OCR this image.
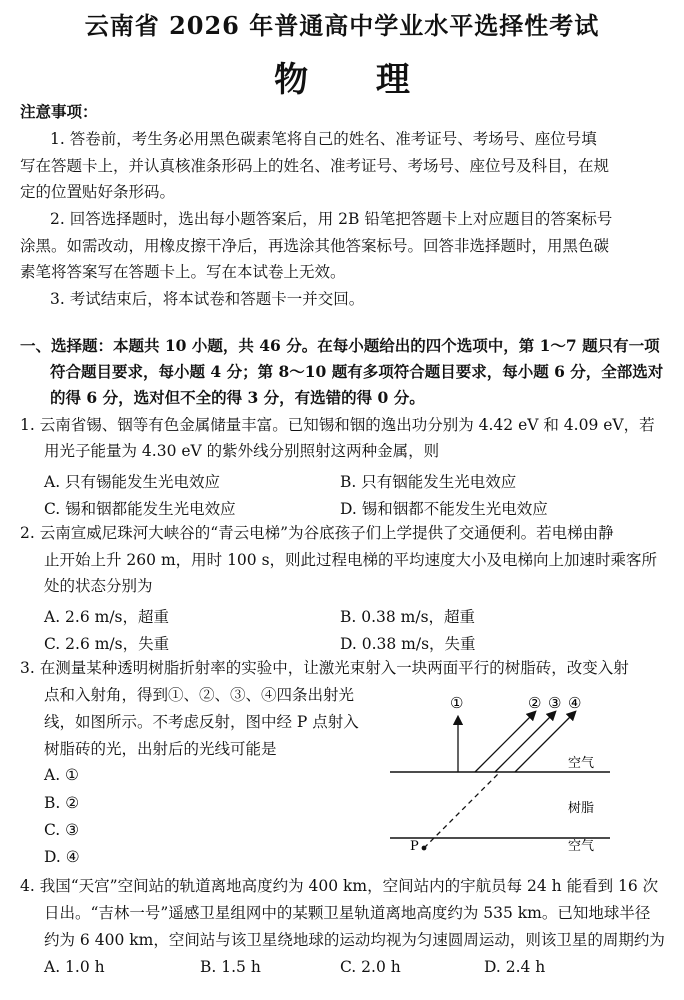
云南省 2026 年普通高中学业水平选择性考试
物 理
注意事项：
1. 答卷前，考生务必用黑色碳素笔将自己的姓名、准考证号、考场号、座位号填
写在答题卡上，并认真核准条形码上的姓名、准考证号、考场号、座位号及科目，在规
定的位置贴好条形码。
2. 回答选择题时，选出每小题答案后，用 2B 铅笔把答题卡上对应题目的答案标号
涂黑。如需改动，用橡皮擦干净后，再选涂其他答案标号。回答非选择题时，用黑色碳
素笔将答案写在答题卡上。写在本试卷上无效。
3. 考试结束后，将本试卷和答题卡一并交回。
一、选择题：本题共 10 小题，共 46 分。在每小题给出的四个选项中，第 1～7 题只有一项
符合题目要求，每小题 4 分；第 8～10 题有多项符合题目要求，每小题 6 分，全部选对
的得 6 分，选对但不全的得 3 分，有选错的得 0 分。
1. 云南省锡、铟等有色金属储量丰富。已知锡和铟的逸出功分别为 4.42 eV 和 4.09 eV，若
用光子能量为 4.30 eV 的紫外线分别照射这两种金属，则
A. 只有锡能发生光电效应	B. 只有铟能发生光电效应
C. 锡和铟都能发生光电效应	D. 锡和铟都不能发生光电效应
2. 云南宣威尼珠河大峡谷的“青云电梯”为谷底孩子们上学提供了交通便利。若电梯由静
止开始上升 260 m，用时 100 s，则此过程电梯的平均速度大小及电梯向上加速时乘客所
处的状态分别为
A. 2.6 m/s，超重	B. 0.38 m/s，超重
C. 2.6 m/s，失重	D. 0.38 m/s，失重
3. 在测量某种透明树脂折射率的实验中，让激光束射入一块两面平行的树脂砖，改变入射
点和入射角，得到①、②、③、④四条出射光
线，如图所示。不考虑反射，图中经 P 点射入
树脂砖的光，出射后的光线可能是
A. ①
B. ②
C. ③
D. ④
①	② ③ ④
空气
树脂
空气
P
4. 我国“天宫”空间站的轨道离地高度约为 400 km，空间站内的宇航员每 24 h 能看到 16 次
日出。“吉林一号”遥感卫星组网中的某颗卫星轨道离地高度约为 535 km。已知地球半径
约为 6 400 km，空间站与该卫星绕地球的运动均视为匀速圆周运动，则该卫星的周期约为
A. 1.0 h	B. 1.5 h	C. 2.0 h	D. 2.4 h
